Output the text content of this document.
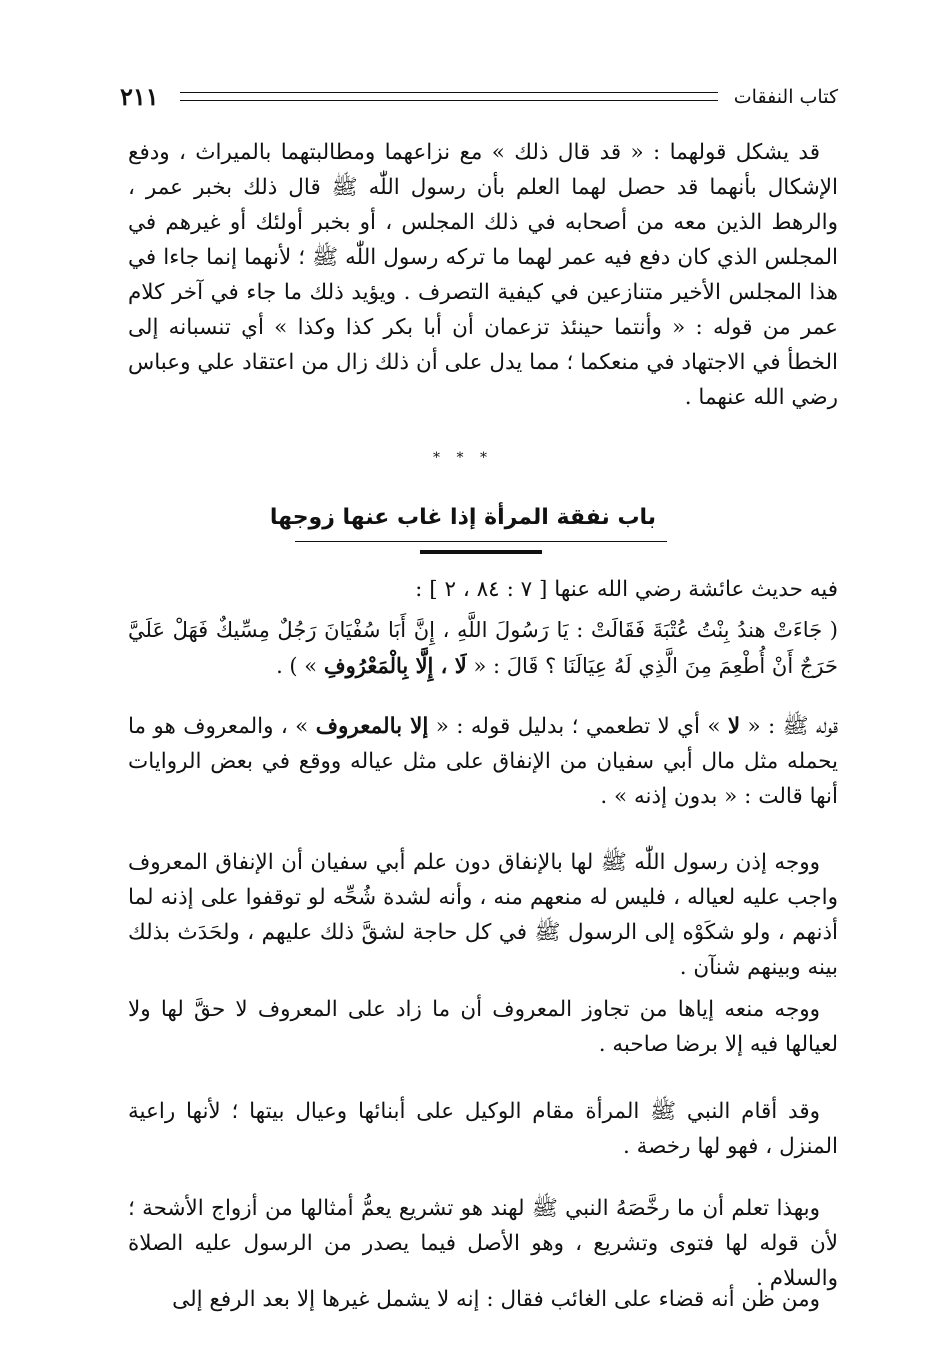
كتاب النفقات
٢١١
قد يشكل قولهما : « قد قال ذلك » مع نزاعهما ومطالبتهما بالميراث ، ودفع الإشكال بأنهما قد حصل لهما العلم بأن رسول اللّٰه ﷺ قال ذلك بخبر عمر ، والرهط الذين معه من أصحابه في ذلك المجلس ، أو بخبر أولئك أو غيرهم في المجلس الذي كان دفع فيه عمر لهما ما تركه رسول اللّٰه ﷺ ؛ لأنهما إنما جاءا في هذا المجلس الأخير متنازعين في كيفية التصرف . ويؤيد ذلك ما جاء في آخر كلام عمر من قوله : « وأنتما حينئذ تزعمان أن أبا بكر كذا وكذا » أي تنسبانه إلى الخطأ في الاجتهاد في منعكما ؛ مما يدل على أن ذلك زال من اعتقاد علي وعباس رضي الله عنهما .
* * *
باب نفقة المرأة إذا غاب عنها زوجها
فيه حديث عائشة رضي الله عنها [ ٧ : ٨٤ ، ٢ ] :
( جَاءَتْ هندُ بِنْتُ عُتْبَةَ فَقَالَتْ : يَا رَسُولَ اللَّهِ ، إِنَّ أَبَا سُفْيَانَ رَجُلٌ مِسِّيكٌ فَهَلْ عَلَيَّ حَرَجٌ أَنْ أُطْعِمَ مِنَ الَّذِي لَهُ عِيَالَنَا ؟ قَالَ : « لَا ، إِلَّا بِالْمَعْرُوفِ » ) .
قوله ﷺ : « لا » أي لا تطعمي ؛ بدليل قوله : « إلا بالمعروف » ، والمعروف هو ما يحمله مثل مال أبي سفيان من الإنفاق على مثل عياله ووقع في بعض الروايات أنها قالت : « بدون إذنه » .
ووجه إذن رسول اللّٰه ﷺ لها بالإنفاق دون علم أبي سفيان أن الإنفاق المعروف واجب عليه لعياله ، فليس له منعهم منه ، وأنه لشدة شُحِّه لو توقفوا على إذنه لما أذنهم ، ولو شكَوْه إلى الرسول ﷺ في كل حاجة لشقَّ ذلك عليهم ، ولحَدَث بذلك بينه وبينهم شنآن .
ووجه منعه إياها من تجاوز المعروف أن ما زاد على المعروف لا حقَّ لها ولا لعيالها فيه إلا برضا صاحبه .
وقد أقام النبي ﷺ المرأة مقام الوكيل على أبنائها وعيال بيتها ؛ لأنها راعية المنزل ، فهو لها رخصة .
وبهذا تعلم أن ما رخَّصَهُ النبي ﷺ لهند هو تشريع يعمُّ أمثالها من أزواج الأشحة ؛ لأن قوله لها فتوى وتشريع ، وهو الأصل فيما يصدر من الرسول عليه الصلاة والسلام .
ومن ظن أنه قضاء على الغائب فقال : إنه لا يشمل غيرها إلا بعد الرفع إلى
